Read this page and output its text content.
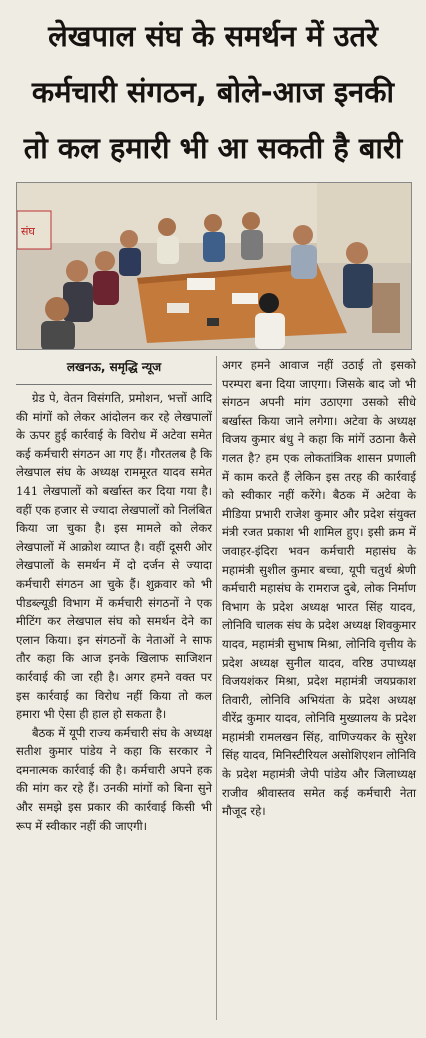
लेखपाल संघ के समर्थन में उतरे
कर्मचारी संगठन, बोले-आज इनकी
तो कल हमारी भी आ सकती है बारी
संघ
लखनऊ, समृद्धि न्यूज

ग्रेड पे, वेतन विसंगति, प्रमोशन, भत्तों आदि की मांगों को लेकर आंदोलन कर रहे लेखपालों के ऊपर हुई कार्रवाई के विरोध में अटेवा समेत कई कर्मचारी संगठन आ गए हैं। गौरतलब है कि लेखपाल संघ के अध्यक्ष राममूरत यादव समेत 141 लेखपालों को बर्खास्त कर दिया गया है। वहीं एक हजार से ज्यादा लेखपालों को निलंबित किया जा चुका है। इस मामले को लेकर लेखपालों में आक्रोश व्याप्त है। वहीं दूसरी ओर लेखपालों के समर्थन में दो दर्जन से ज्यादा कर्मचारी संगठन आ चुके हैं। शुक्रवार को भी पीडब्ल्यूडी विभाग में कर्मचारी संगठनों ने एक मीटिंग कर लेखपाल संघ को समर्थन देने का एलान किया। इन संगठनों के नेताओं ने साफ तौर कहा कि आज इनके खिलाफ साजिशन कार्रवाई की जा रही है। अगर हमने वक्त पर इस कार्रवाई का विरोध नहीं किया तो कल हमारा भी ऐसा ही हाल हो सकता है।

बैठक में यूपी राज्य कर्मचारी संघ के अध्यक्ष सतीश कुमार पांडेय ने कहा कि सरकार ने दमनात्मक कार्रवाई की है। कर्मचारी अपने हक की मांग कर रहे हैं। उनकी मांगों को बिना सुने और समझे इस प्रकार की कार्रवाई किसी भी रूप में स्वीकार नहीं की जाएगी।

अगर हमने आवाज नहीं उठाई तो इसको परम्परा बना दिया जाएगा। जिसके बाद जो भी संगठन अपनी मांग उठाएगा उसको सीधे बर्खास्त किया जाने लगेगा। अटेवा के अध्यक्ष विजय कुमार बंधु ने कहा कि मांगें उठाना कैसे गलत है? हम एक लोकतांत्रिक शासन प्रणाली में काम करते हैं लेकिन इस तरह की कार्रवाई को स्वीकार नहीं करेंगे। बैठक में अटेवा के मीडिया प्रभारी राजेश कुमार और प्रदेश संयुक्त मंत्री रजत प्रकाश भी शामिल हुए। इसी क्रम में जवाहर-इंदिरा भवन कर्मचारी महासंघ के महामंत्री सुशील कुमार बच्चा, यूपी चतुर्थ श्रेणी कर्मचारी महासंघ के रामराज दुबे, लोक निर्माण विभाग के प्रदेश अध्यक्ष भारत सिंह यादव, लोनिवि चालक संघ के प्रदेश अध्यक्ष शिवकुमार यादव, महामंत्री सुभाष मिश्रा, लोनिवि वृत्तीय के प्रदेश अध्यक्ष सुनील यादव, वरिष्ठ उपाध्यक्ष विजयशंकर मिश्रा, प्रदेश महामंत्री जयप्रकाश तिवारी, लोनिवि अभियंता के प्रदेश अध्यक्ष वीरेंद्र कुमार यादव, लोनिवि मुख्यालय के प्रदेश महामंत्री रामलखन सिंह, वाणिज्यकर के सुरेश सिंह यादव, मिनिस्टीरियल असोशिएशन लोनिवि के प्रदेश महामंत्री जेपी पांडेय और जिलाध्यक्ष राजीव श्रीवास्तव समेत कई कर्मचारी नेता मौजूद रहे।
